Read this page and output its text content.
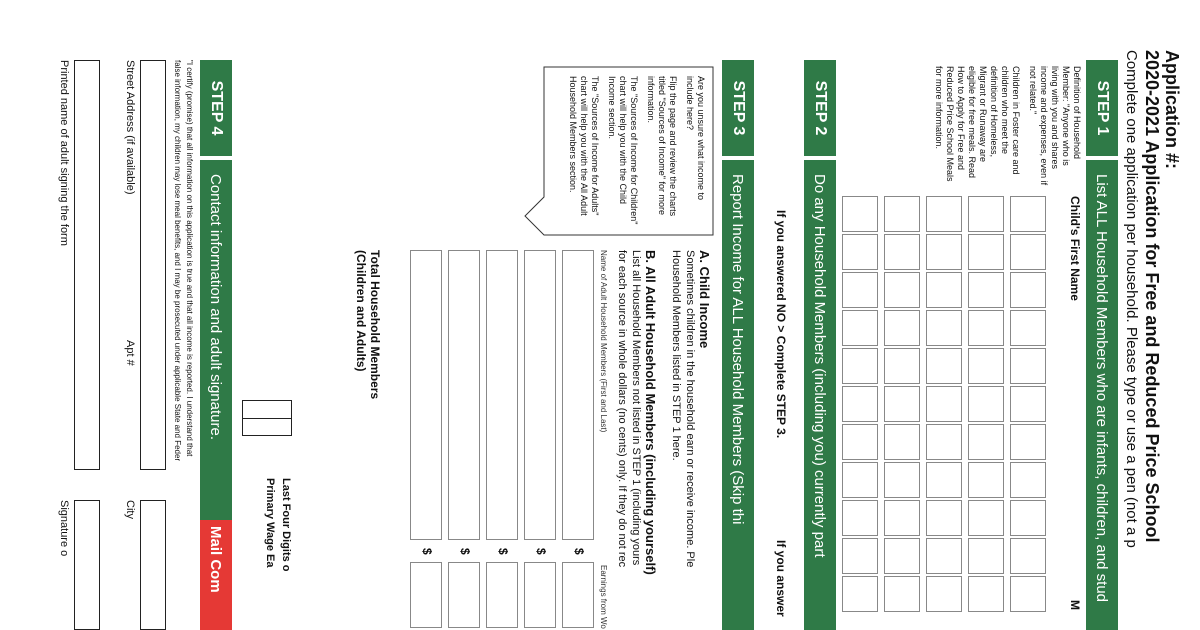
Application #:
2020-2021 Application for Free and Reduced Price School
Complete one application per household. Please type or use a pen (not a p
STEP 1
List ALL Household Members who are infants, children, and stud

Definition of Household Member: "Anyone who is living with you and shares income and expenses, even if not related."

Children in Foster care and children who meet the definition of Homeless, Migrant or Runaway are eligible for free meals. Read How to Apply for Free and Reduced Price School Meals for more information.

Child's First Name
M
STEP 2
Do any Household Members (including you) currently part
If you answered NO > Complete STEP 3.
If you answer
STEP 3
Report Income for ALL Household Members (Skip thi

Are you unsure what income to include here?

Flip the page and review the charts titled "Sources of Income" for more information.

The "Sources of Income for Children" chart will help you with the Child Income section.

The "Sources of Income for Adults" chart will help you with the All Adult Household Members section.

A. Child Income
Sometimes children in the household earn or receive income. Ple
Household Members listed in STEP 1 here.
B. All Adult Household Members (including yourself)
List all Household Members not listed in STEP 1 (including yours
for each source in whole dollars (no cents) only. If they do not rec
Name of Adult Household Members (First and Last)
Earnings from Wo
$
$
$
$
$
Total Household Members (Children and Adults)
Last Four Digits o
Primary Wage Ea
STEP 4
Contact information and adult signature.
Mail Com
"I certify (promise) that all information on this application is true and that all income is reported. I understand that
false information, my children may lose meal benefits, and I may be prosecuted under applicable State and Feder
Street Address (if available)
Apt #
City
Printed name of adult signing the form
Signature o
